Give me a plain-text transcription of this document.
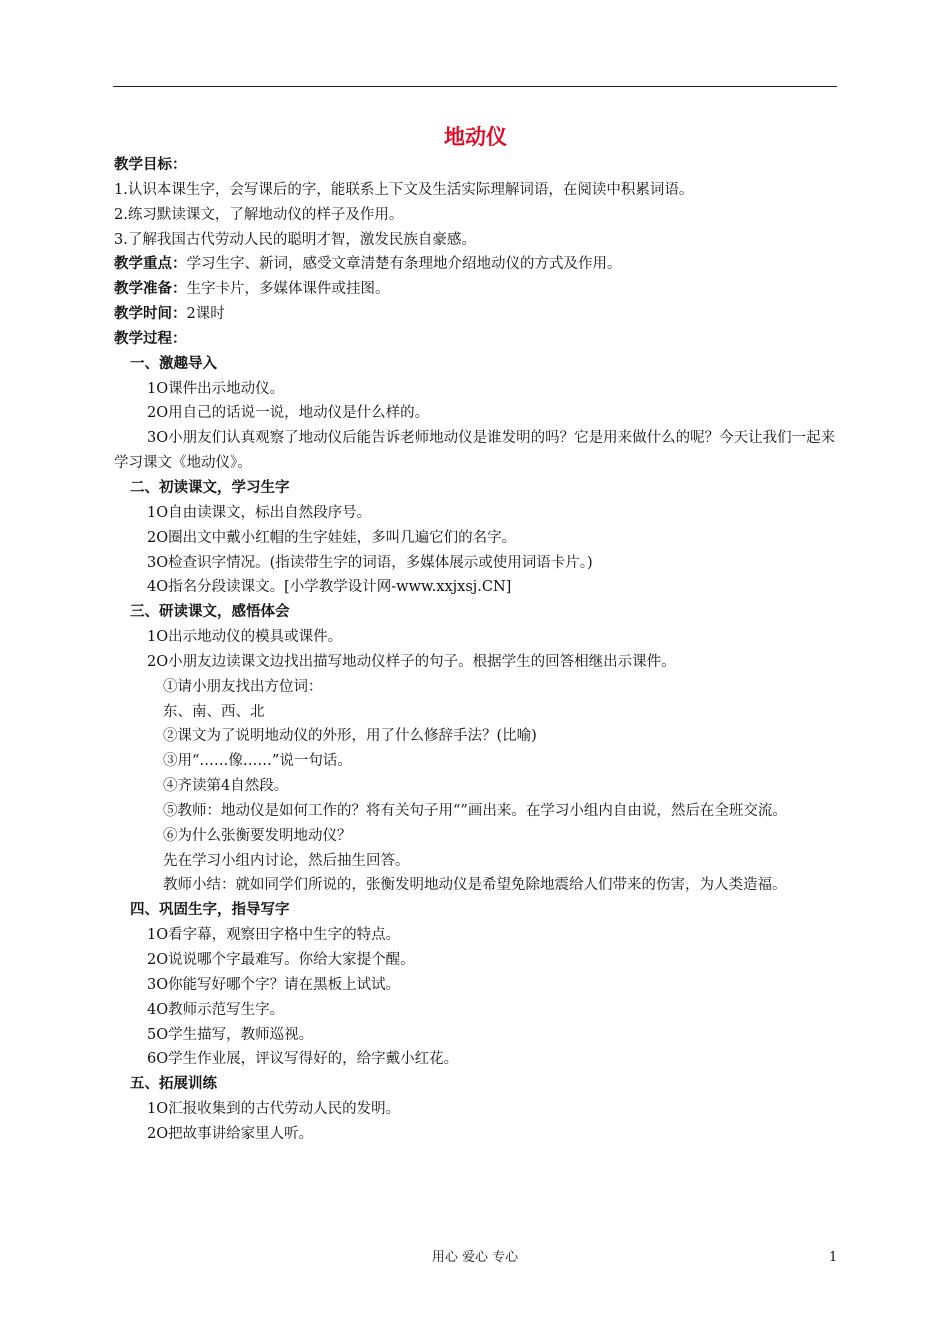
地动仪
教学目标：
1.认识本课生字，会写课后的字，能联系上下文及生活实际理解词语，在阅读中积累词语。
2.练习默读课文，了解地动仪的样子及作用。
3.了解我国古代劳动人民的聪明才智，激发民族自豪感。
教学重点：学习生字、新词，感受文章清楚有条理地介绍地动仪的方式及作用。
教学准备：生字卡片，多媒体课件或挂图。
教学时间：2课时
教学过程：
一、激趣导入
1O课件出示地动仪。
2O用自己的话说一说，地动仪是什么样的。
3O小朋友们认真观察了地动仪后能告诉老师地动仪是谁发明的吗？它是用来做什么的呢？今天让我们一起来学习课文《地动仪》。
二、初读课文，学习生字
1O自由读课文，标出自然段序号。
2O圈出文中戴小红帽的生字娃娃，多叫几遍它们的名字。
3O检查识字情况。(指读带生字的词语，多媒体展示或使用词语卡片。)
4O指名分段读课文。[小学教学设计网-www.xxjxsj.CN]
三、研读课文，感悟体会
1O出示地动仪的模具或课件。
2O小朋友边读课文边找出描写地动仪样子的句子。根据学生的回答相继出示课件。
①请小朋友找出方位词：
东、南、西、北
②课文为了说明地动仪的外形，用了什么修辞手法？(比喻)
③用“……像……”说一句话。
④齐读第4自然段。
⑤教师：地动仪是如何工作的？将有关句子用“”画出来。在学习小组内自由说，然后在全班交流。
⑥为什么张衡要发明地动仪？
先在学习小组内讨论，然后抽生回答。
教师小结：就如同学们所说的，张衡发明地动仪是希望免除地震给人们带来的伤害，为人类造福。
四、巩固生字，指导写字
1O看字幕，观察田字格中生字的特点。
2O说说哪个字最难写。你给大家提个醒。
3O你能写好哪个字？请在黑板上试试。
4O教师示范写生字。
5O学生描写，教师巡视。
6O学生作业展，评议写得好的，给字戴小红花。
五、拓展训练
1O汇报收集到的古代劳动人民的发明。
2O把故事讲给家里人听。
用心 爱心 专心	1
